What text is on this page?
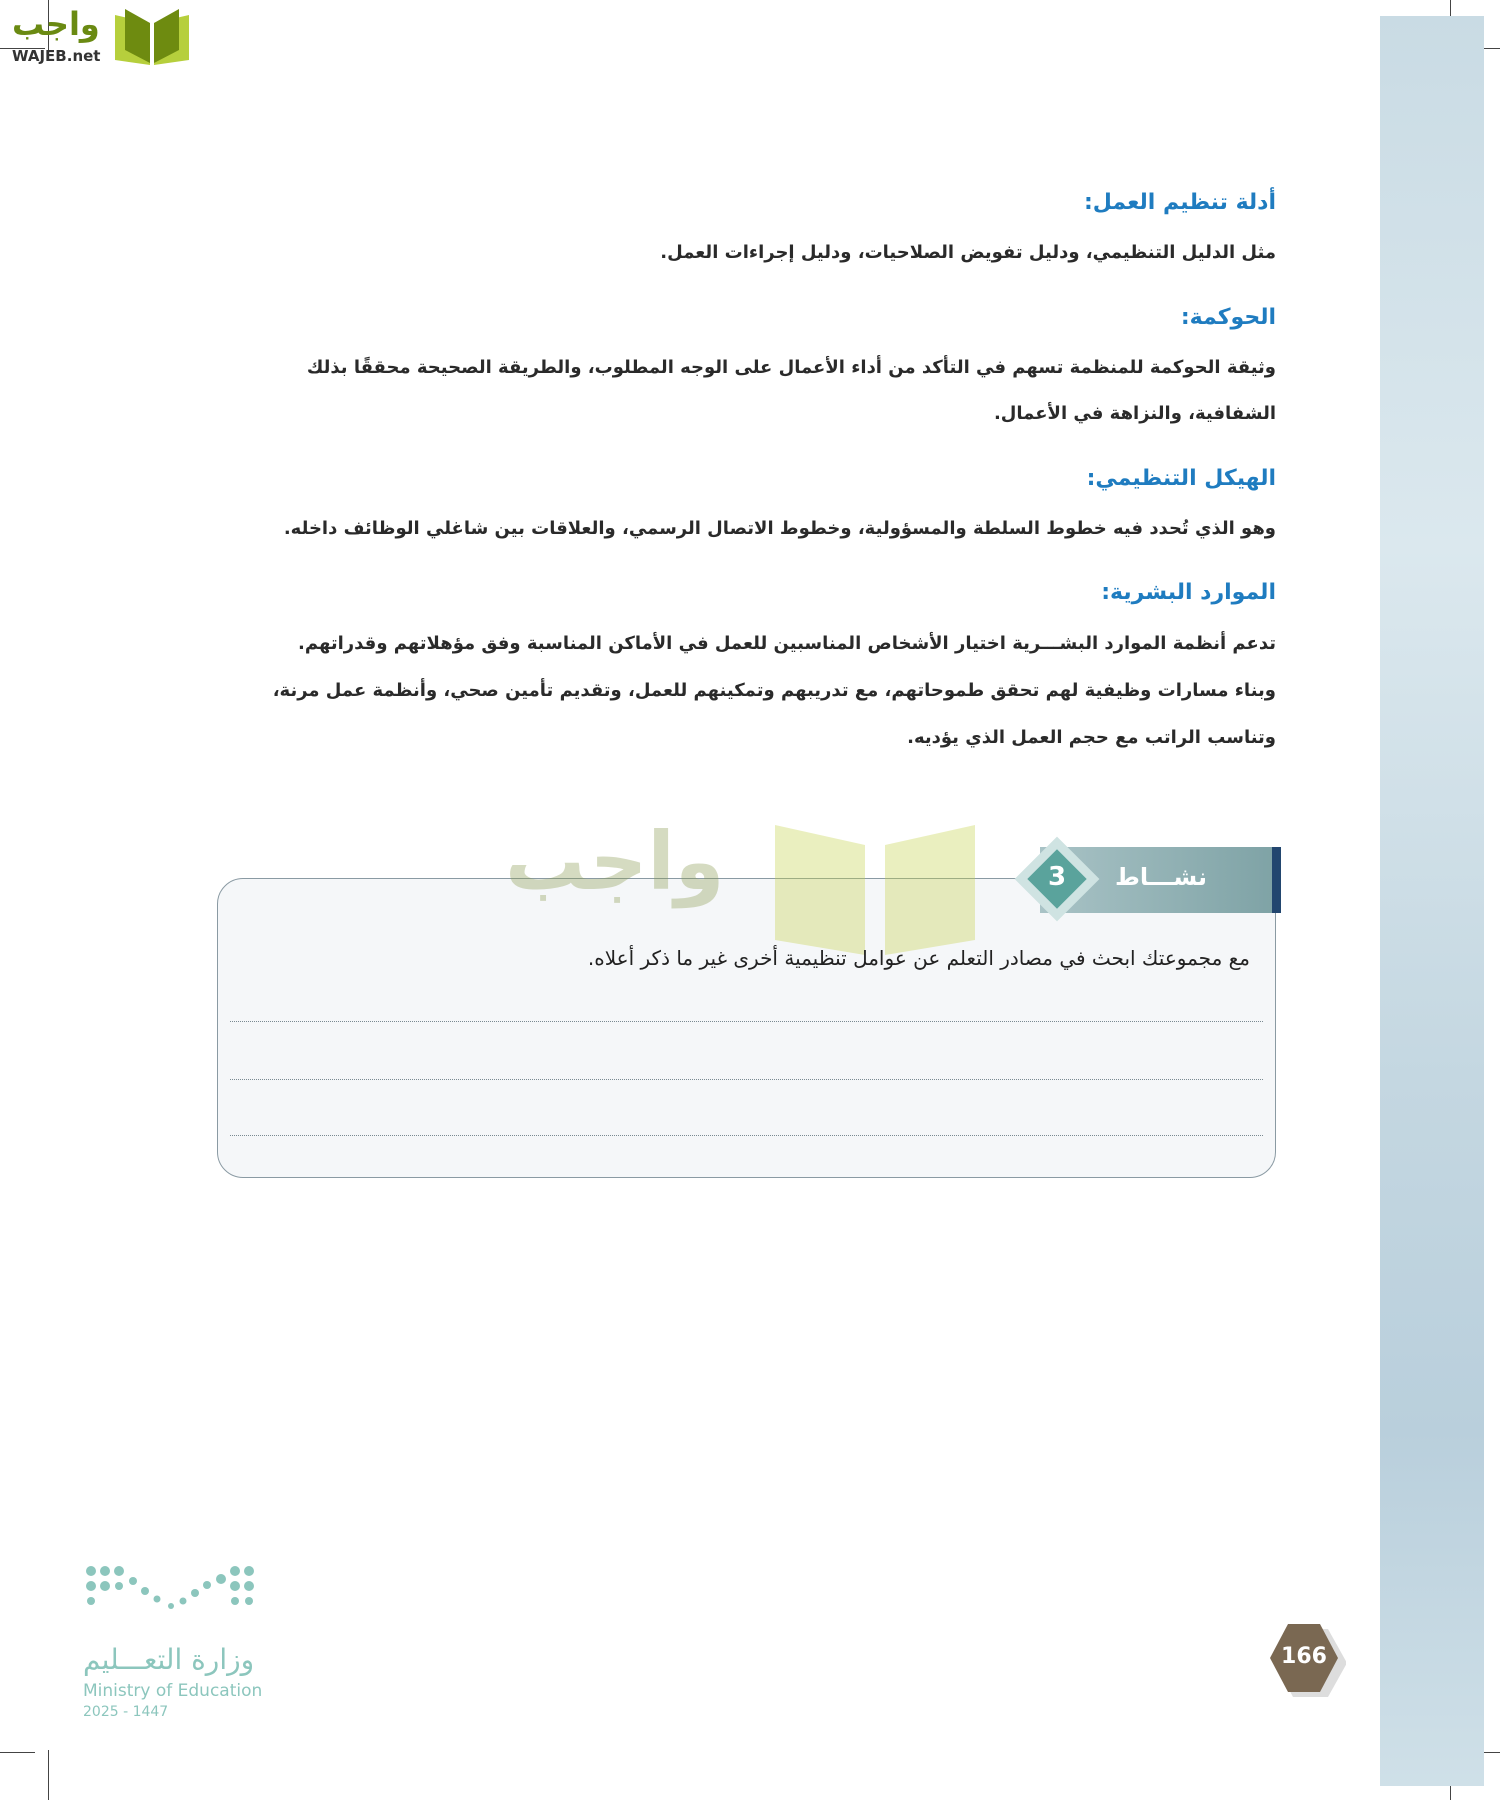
واجب
WAJEB.net
أدلة تنظيم العمل:
مثل الدليل التنظيمي، ودليل تفويض الصلاحيات، ودليل إجراءات العمل.
الحوكمة:
وثيقة الحوكمة للمنظمة تسهم في التأكد من أداء الأعمال على الوجه المطلوب، والطريقة الصحيحة محققًا بذلك
الشفافية، والنزاهة في الأعمال.
الهيكل التنظيمي:
وهو الذي تُحدد فيه خطوط السلطة والمسؤولية، وخطوط الاتصال الرسمي، والعلاقات بين شاغلي الوظائف داخله.
الموارد البشرية:
تدعم أنظمة الموارد البشـــرية اختيار الأشخاص المناسبين للعمل في الأماكن المناسبة وفق مؤهلاتهم وقدراتهم.
وبناء مسارات وظيفية لهم تحقق طموحاتهم، مع تدريبهم وتمكينهم للعمل، وتقديم تأمين صحي، وأنظمة عمل مرنة،
وتناسب الراتب مع حجم العمل الذي يؤديه.
نشـــاط
3
واجب
مع مجموعتك ابحث في مصادر التعلم عن عوامل تنظيمية أخرى غير ما ذكر أعلاه.
وزارة التعـــليم
Ministry of Education
2025 - 1447
166
